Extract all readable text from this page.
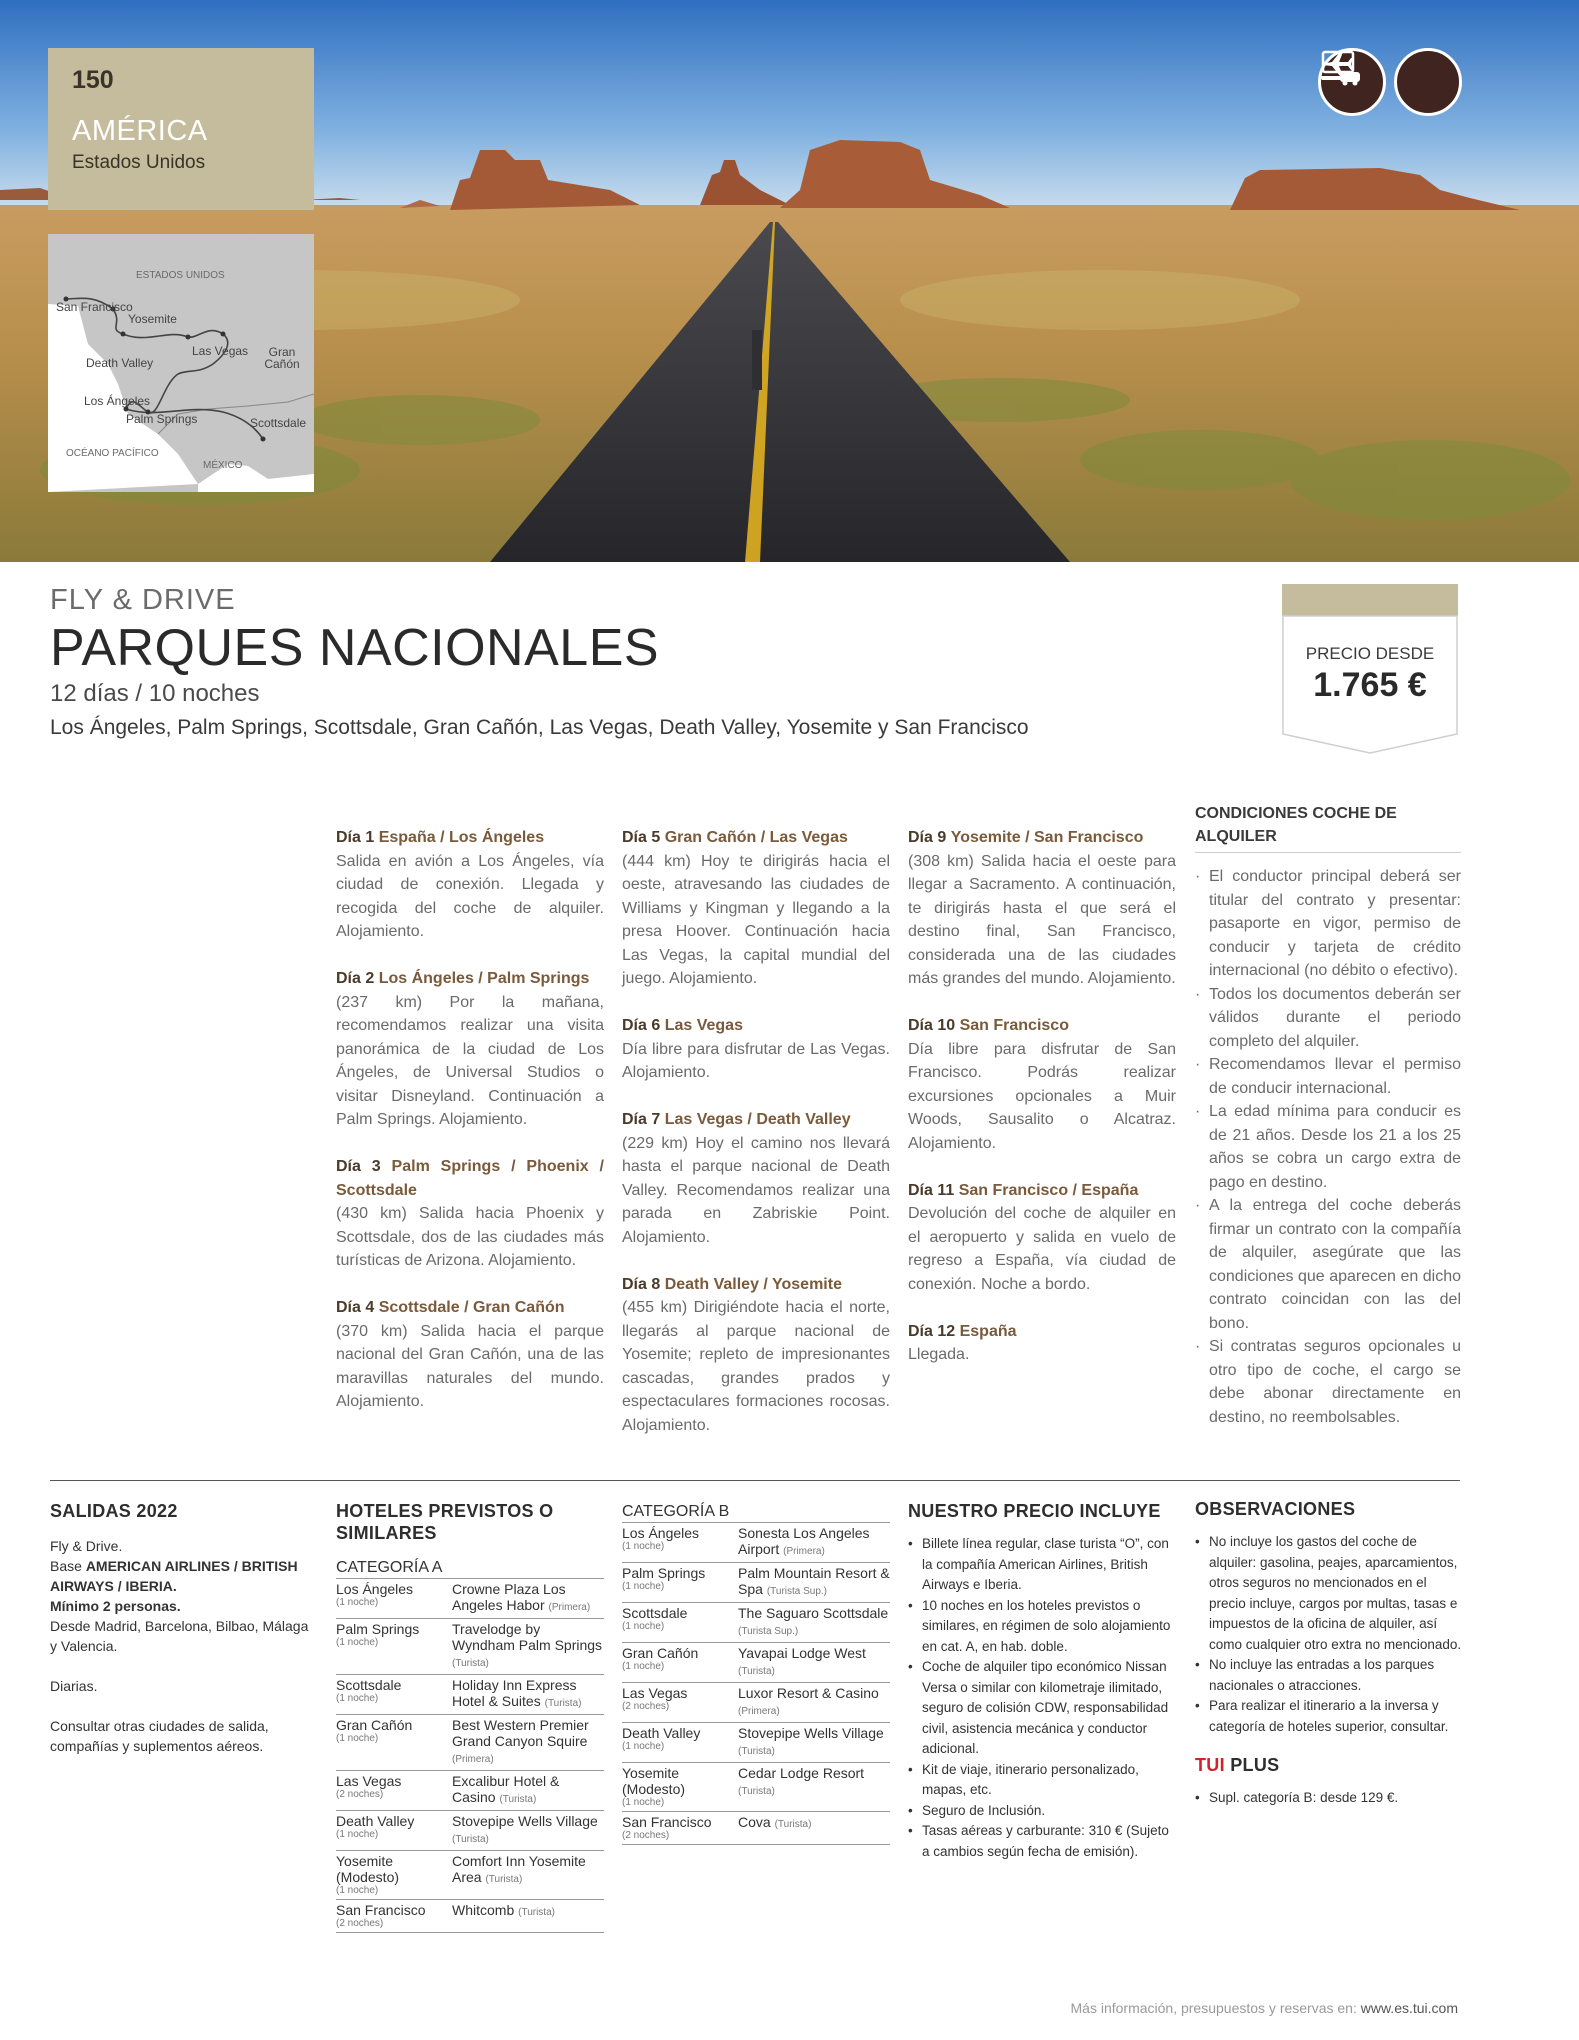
150
AMÉRICA
Estados Unidos
ESTADOS UNIDOS
San Francisco
Yosemite
Death Valley
Las Vegas	Gran Cañón
Los Ángeles
Palm Springs	Scottsdale
OCÉANO PACÍFICO
MÉXICO
FLY & DRIVE
PARQUES NACIONALES
12 días / 10 noches
Los Ángeles, Palm Springs, Scottsdale, Gran Cañón, Las Vegas, Death Valley, Yosemite y San Francisco
PRECIO DESDE
1.765 €
Día 1 España / Los Ángeles
Salida en avión a Los Ángeles, vía ciudad de conexión. Llegada y recogida del coche de alquiler. Alojamiento.
Día 2 Los Ángeles / Palm Springs
(237 km) Por la mañana, recomendamos realizar una visita panorámica de la ciudad de Los Ángeles, de Universal Studios o visitar Disneyland. Continuación a Palm Springs. Alojamiento.
Día 3 Palm Springs / Phoenix / Scottsdale
(430 km) Salida hacia Phoenix y Scottsdale, dos de las ciudades más turísticas de Arizona. Alojamiento.
Día 4 Scottsdale / Gran Cañón
(370 km) Salida hacia el parque nacional del Gran Cañón, una de las maravillas naturales del mundo. Alojamiento.
Día 5 Gran Cañón / Las Vegas
(444 km) Hoy te dirigirás hacia el oeste, atravesando las ciudades de Williams y Kingman y llegando a la presa Hoover. Continuación hacia Las Vegas, la capital mundial del juego. Alojamiento.
Día 6 Las Vegas
Día libre para disfrutar de Las Vegas. Alojamiento.
Día 7 Las Vegas / Death Valley
(229 km) Hoy el camino nos llevará hasta el parque nacional de Death Valley. Recomendamos realizar una parada en Zabriskie Point. Alojamiento.
Día 8 Death Valley / Yosemite
(455 km) Dirigiéndote hacia el norte, llegarás al parque nacional de Yosemite; repleto de impresionantes cascadas, grandes prados y espectaculares formaciones rocosas. Alojamiento.
Día 9 Yosemite / San Francisco
(308 km) Salida hacia el oeste para llegar a Sacramento. A continuación, te dirigirás hasta el que será el destino final, San Francisco, considerada una de las ciudades más grandes del mundo. Alojamiento.
Día 10 San Francisco
Día libre para disfrutar de San Francisco. Podrás realizar excursiones opcionales a Muir Woods, Sausalito o Alcatraz. Alojamiento.
Día 11 San Francisco / España
Devolución del coche de alquiler en el aeropuerto y salida en vuelo de regreso a España, vía ciudad de conexión. Noche a bordo.
Día 12 España
Llegada.
CONDICIONES COCHE DE ALQUILER
· El conductor principal deberá ser titular del contrato y presentar: pasaporte en vigor, permiso de conducir y tarjeta de crédito internacional (no débito o efectivo).
· Todos los documentos deberán ser válidos durante el periodo completo del alquiler.
· Recomendamos llevar el permiso de conducir internacional.
· La edad mínima para conducir es de 21 años. Desde los 21 a los 25 años se cobra un cargo extra de pago en destino.
· A la entrega del coche deberás firmar un contrato con la compañía de alquiler, asegúrate que las condiciones que aparecen en dicho contrato coincidan con las del bono.
· Si contratas seguros opcionales u otro tipo de coche, el cargo se debe abonar directamente en destino, no reembolsables.
SALIDAS 2022

Fly & Drive.

Base AMERICAN AIRLINES / BRITISH AIRWAYS / IBERIA.

Mínimo 2 personas.

Desde Madrid, Barcelona, Bilbao, Málaga y Valencia.

Diarias.

Consultar otras ciudades de salida, compañías y suplementos aéreos.

HOTELES PREVISTOS O SIMILARES
CATEGORÍA A
Los Ángeles
(1 noche)
Crowne Plaza Los Angeles Habor (Primera)
Palm Springs
(1 noche)
Travelodge by Wyndham Palm Springs (Turista)
Scottsdale
(1 noche)
Holiday Inn Express Hotel & Suites (Turista)
Gran Cañón
(1 noche)
Best Western Premier Grand Canyon Squire (Primera)
Las Vegas
(2 noches)
Excalibur Hotel & Casino (Turista)
Death Valley
(1 noche)
Stovepipe Wells Village (Turista)
Yosemite (Modesto)
(1 noche)
Comfort Inn Yosemite Area (Turista)
San Francisco
(2 noches)
Whitcomb (Turista)
CATEGORÍA B
Los Ángeles
(1 noche)
Sonesta Los Angeles Airport (Primera)
Palm Springs
(1 noche)
Palm Mountain Resort & Spa (Turista Sup.)
Scottsdale
(1 noche)
The Saguaro Scottsdale (Turista Sup.)
Gran Cañón
(1 noche)
Yavapai Lodge West (Turista)
Las Vegas
(2 noches)
Luxor Resort & Casino (Primera)
Death Valley
(1 noche)
Stovepipe Wells Village (Turista)
Yosemite (Modesto)
(1 noche)
Cedar Lodge Resort (Turista)
San Francisco
(2 noches)
Cova (Turista)
NUESTRO PRECIO INCLUYE
• Billete línea regular, clase turista “O”, con la compañía American Airlines, British Airways e Iberia.
• 10 noches en los hoteles previstos o similares, en régimen de solo alojamiento en cat. A, en hab. doble.
• Coche de alquiler tipo económico Nissan Versa o similar con kilometraje ilimitado, seguro de colisión CDW, responsabilidad civil, asistencia mecánica y conductor adicional.
• Kit de viaje, itinerario personalizado, mapas, etc.
• Seguro de Inclusión.
• Tasas aéreas y carburante: 310 € (Sujeto a cambios según fecha de emisión).
OBSERVACIONES
• No incluye los gastos del coche de alquiler: gasolina, peajes, aparcamientos, otros seguros no mencionados en el precio incluye, cargos por multas, tasas e impuestos de la oficina de alquiler, así como cualquier otro extra no mencionado.
• No incluye las entradas a los parques nacionales o atracciones.
• Para realizar el itinerario a la inversa y categoría de hoteles superior, consultar.
TUI PLUS
• Supl. categoría B: desde 129 €.
Más información, presupuestos y reservas en: www.es.tui.com
